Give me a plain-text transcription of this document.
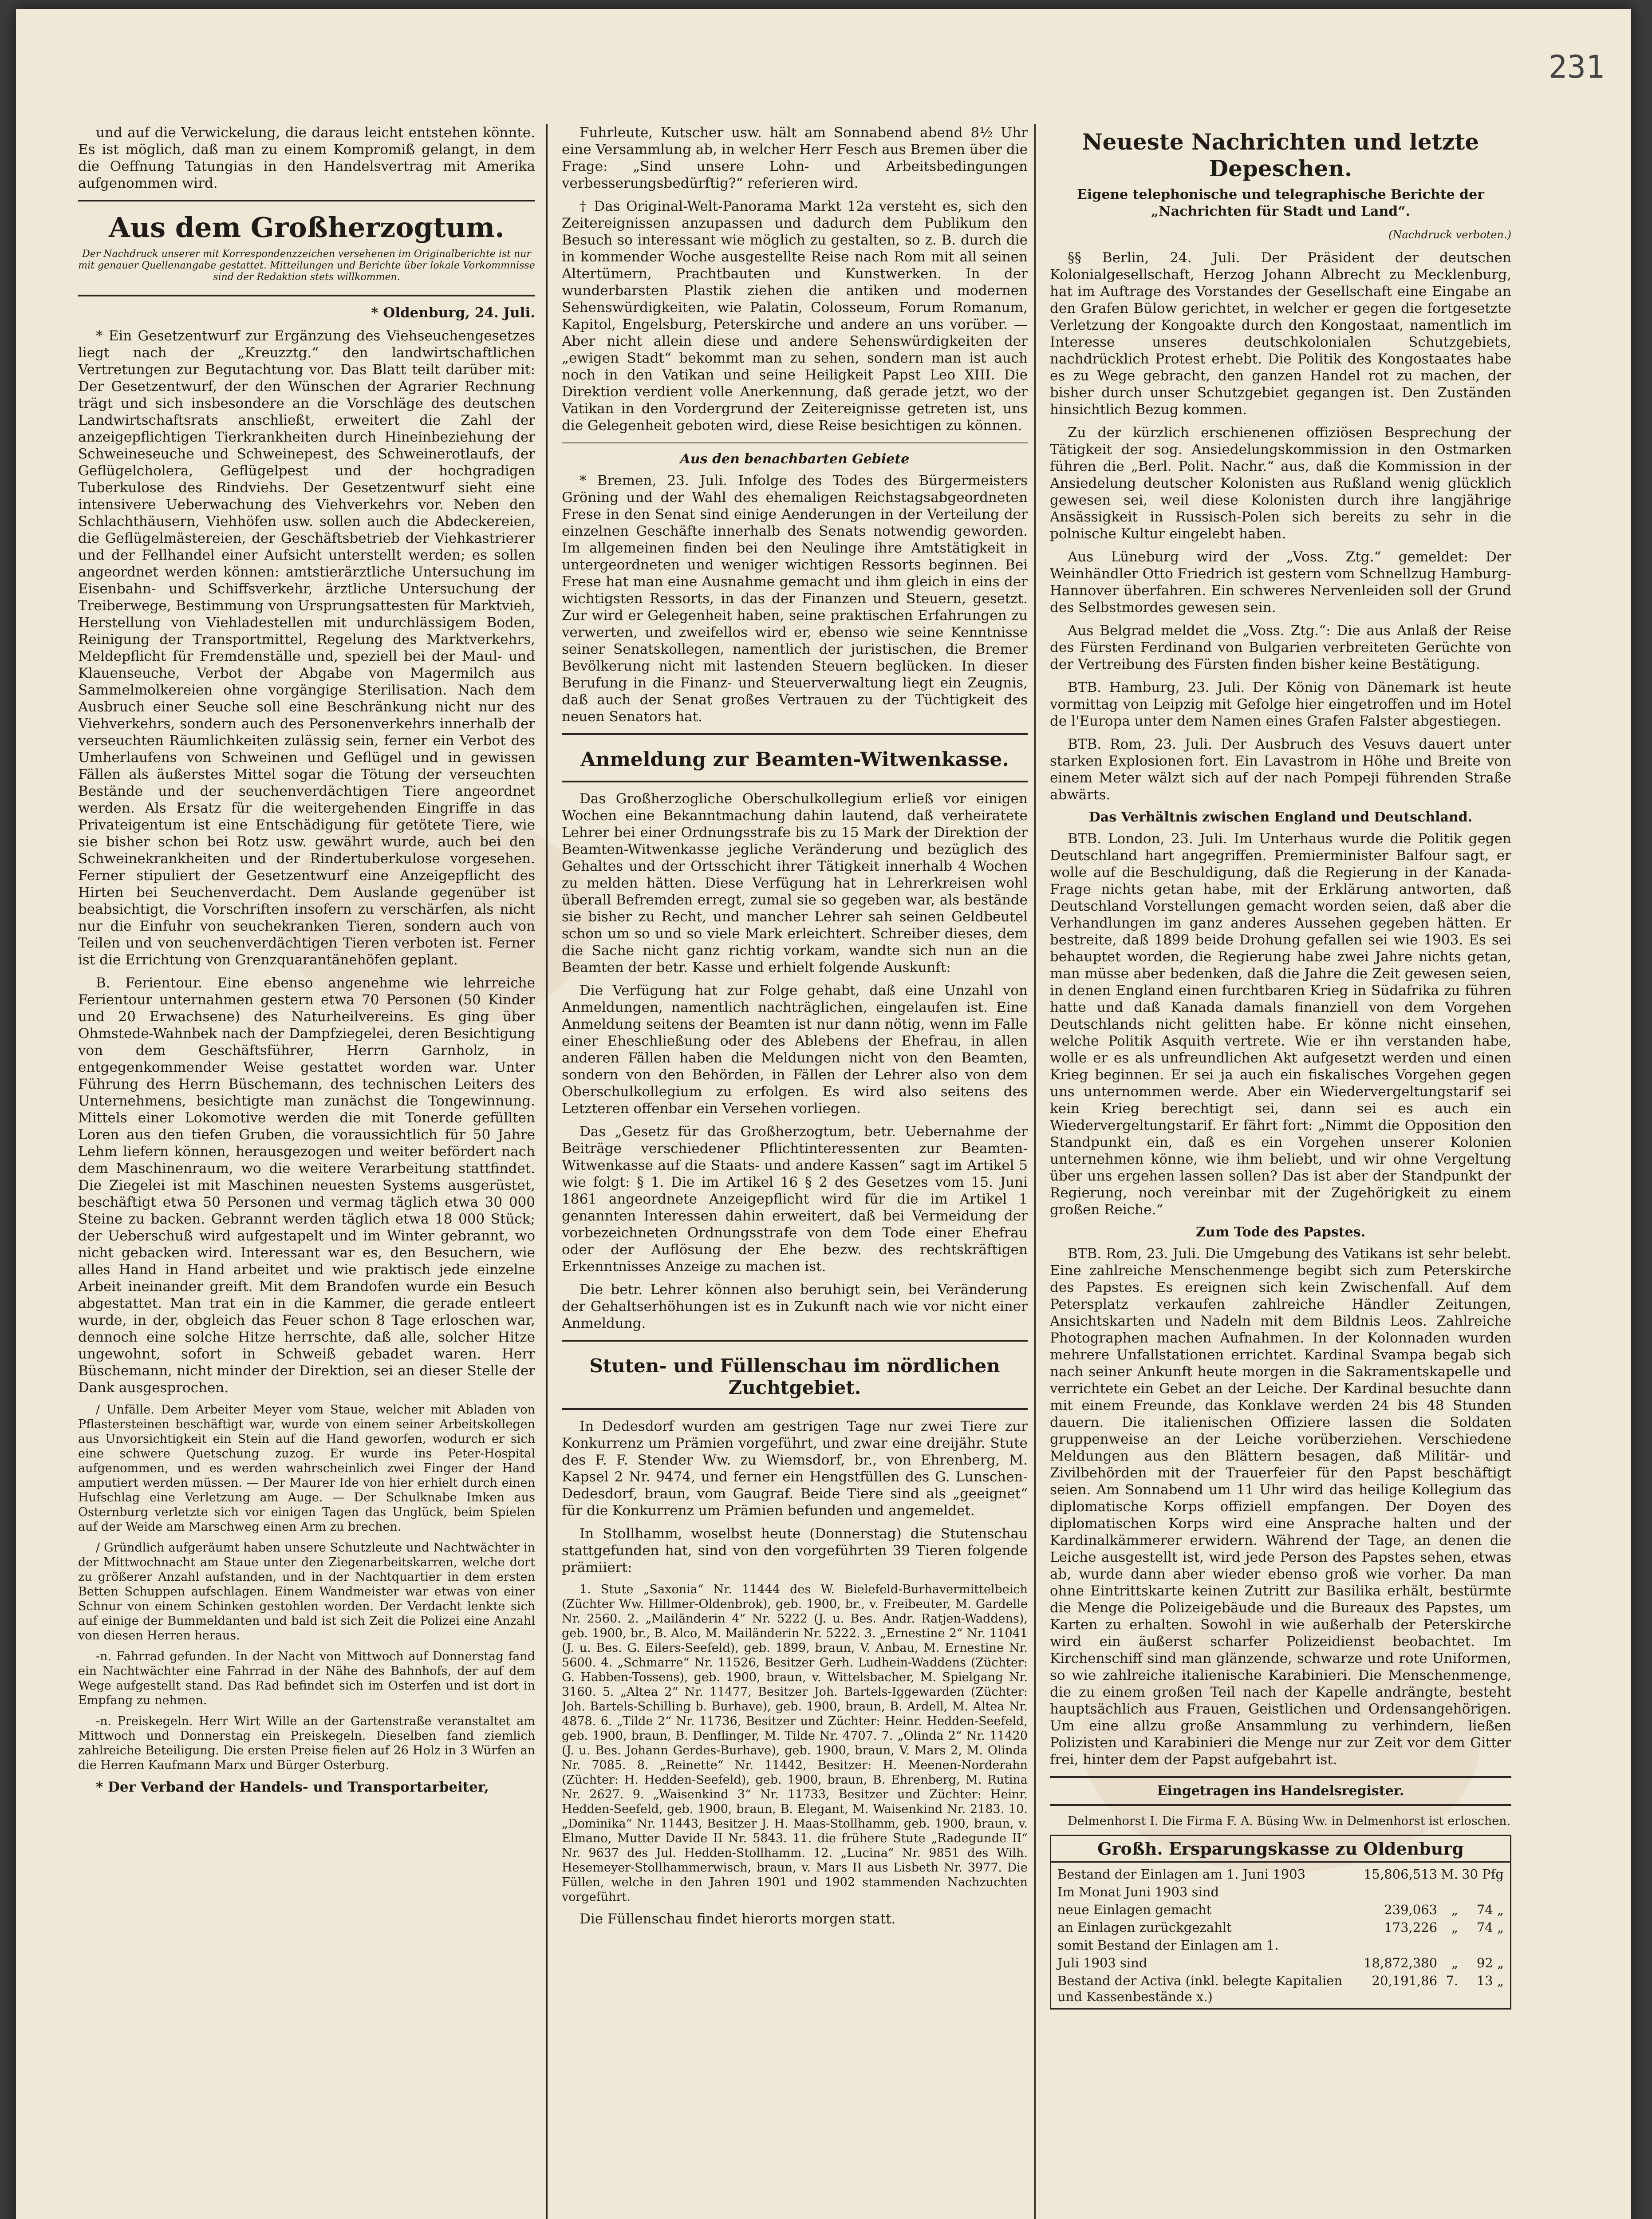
231

und auf die Verwickelung, die daraus leicht entstehen könnte. Es ist möglich, daß man zu einem Kompromiß gelangt, in dem die Oeffnung Tatungias in den Handelsvertrag mit Amerika aufgenommen wird.

Aus dem Großherzogtum.

Der Nachdruck unserer mit Korrespondenzzeichen versehenen im Originalberichte ist nur mit genauer Quellenangabe gestattet. Mitteilungen und Berichte über lokale Vorkommnisse sind der Redaktion stets willkommen.

* Oldenburg, 24. Juli.

* Ein Gesetzentwurf zur Ergänzung des Viehseuchengesetzes liegt nach der „Kreuzztg.“ den landwirtschaftlichen Vertretungen zur Begutachtung vor. Das Blatt teilt darüber mit: Der Gesetzentwurf, der den Wünschen der Agrarier Rechnung trägt und sich insbesondere an die Vorschläge des deutschen Landwirtschaftsrats anschließt, erweitert die Zahl der anzeigepflichtigen Tierkrankheiten durch Hineinbeziehung der Schweineseuche und Schweinepest, des Schweinerotlaufs, der Geflügelcholera, Geflügelpest und der hochgradigen Tuberkulose des Rindviehs. Der Gesetzentwurf sieht eine intensivere Ueberwachung des Viehverkehrs vor. Neben den Schlachthäusern, Viehhöfen usw. sollen auch die Abdeckereien, die Geflügelmästereien, der Geschäftsbetrieb der Viehkastrierer und der Fellhandel einer Aufsicht unterstellt werden; es sollen angeordnet werden können: amtstierärztliche Untersuchung im Eisenbahn- und Schiffsverkehr, ärztliche Untersuchung der Treiberwege, Bestimmung von Ursprungsattesten für Marktvieh, Herstellung von Viehladestellen mit undurchlässigem Boden, Reinigung der Transportmittel, Regelung des Marktverkehrs, Meldepflicht für Fremdenställe und, speziell bei der Maul- und Klauenseuche, Verbot der Abgabe von Magermilch aus Sammelmolkereien ohne vorgängige Sterilisation. Nach dem Ausbruch einer Seuche soll eine Beschränkung nicht nur des Viehverkehrs, sondern auch des Personenverkehrs innerhalb der verseuchten Räumlichkeiten zulässig sein, ferner ein Verbot des Umherlaufens von Schweinen und Geflügel und in gewissen Fällen als äußerstes Mittel sogar die Tötung der verseuchten Bestände und der seuchenverdächtigen Tiere angeordnet werden. Als Ersatz für die weitergehenden Eingriffe in das Privateigentum ist eine Entschädigung für getötete Tiere, wie sie bisher schon bei Rotz usw. gewährt wurde, auch bei den Schweinekrankheiten und der Rindertuberkulose vorgesehen. Ferner stipuliert der Gesetzentwurf eine Anzeigepflicht des Hirten bei Seuchenverdacht. Dem Auslande gegenüber ist beabsichtigt, die Vorschriften insofern zu verschärfen, als nicht nur die Einfuhr von seuchekranken Tieren, sondern auch von Teilen und von seuchenverdächtigen Tieren verboten ist. Ferner ist die Errichtung von Grenzquarantänehöfen geplant.

B. Ferientour. Eine ebenso angenehme wie lehrreiche Ferientour unternahmen gestern etwa 70 Personen (50 Kinder und 20 Erwachsene) des Naturheilvereins. Es ging über Ohmstede-Wahnbek nach der Dampfziegelei, deren Besichtigung von dem Geschäftsführer, Herrn Garnholz, in entgegenkommender Weise gestattet worden war. Unter Führung des Herrn Büschemann, des technischen Leiters des Unternehmens, besichtigte man zunächst die Tongewinnung. Mittels einer Lokomotive werden die mit Tonerde gefüllten Loren aus den tiefen Gruben, die voraussichtlich für 50 Jahre Lehm liefern können, herausgezogen und weiter befördert nach dem Maschinenraum, wo die weitere Verarbeitung stattfindet. Die Ziegelei ist mit Maschinen neuesten Systems ausgerüstet, beschäftigt etwa 50 Personen und vermag täglich etwa 30 000 Steine zu backen. Gebrannt werden täglich etwa 18 000 Stück; der Ueberschuß wird aufgestapelt und im Winter gebrannt, wo nicht gebacken wird. Interessant war es, den Besuchern, wie alles Hand in Hand arbeitet und wie praktisch jede einzelne Arbeit ineinander greift. Mit dem Brandofen wurde ein Besuch abgestattet. Man trat ein in die Kammer, die gerade entleert wurde, in der, obgleich das Feuer schon 8 Tage erloschen war, dennoch eine solche Hitze herrschte, daß alle, solcher Hitze ungewohnt, sofort in Schweiß gebadet waren. Herr Büschemann, nicht minder der Direktion, sei an dieser Stelle der Dank ausgesprochen.

/ Unfälle. Dem Arbeiter Meyer vom Staue, welcher mit Abladen von Pflastersteinen beschäftigt war, wurde von einem seiner Arbeitskollegen aus Unvorsichtigkeit ein Stein auf die Hand geworfen, wodurch er sich eine schwere Quetschung zuzog. Er wurde ins Peter-Hospital aufgenommen, und es werden wahrscheinlich zwei Finger der Hand amputiert werden müssen. — Der Maurer Ide von hier erhielt durch einen Hufschlag eine Verletzung am Auge. — Der Schulknabe Imken aus Osternburg verletzte sich vor einigen Tagen das Unglück, beim Spielen auf der Weide am Marschweg einen Arm zu brechen.

/ Gründlich aufgeräumt haben unsere Schutzleute und Nachtwächter in der Mittwochnacht am Staue unter den Ziegenarbeitskarren, welche dort zu größerer Anzahl aufstanden, und in der Nachtquartier in dem ersten Betten Schuppen aufschlagen. Einem Wandmeister war etwas von einer Schnur von einem Schinken gestohlen worden. Der Verdacht lenkte sich auf einige der Bummeldanten und bald ist sich Zeit die Polizei eine Anzahl von diesen Herren heraus.

-n. Fahrrad gefunden. In der Nacht von Mittwoch auf Donnerstag fand ein Nachtwächter eine Fahrrad in der Nähe des Bahnhofs, der auf dem Wege aufgestellt stand. Das Rad befindet sich im Osterfen und ist dort in Empfang zu nehmen.

-n. Preiskegeln. Herr Wirt Wille an der Gartenstraße veranstaltet am Mittwoch und Donnerstag ein Preiskegeln. Dieselben fand ziemlich zahlreiche Beteiligung. Die ersten Preise fielen auf 26 Holz in 3 Würfen an die Herren Kaufmann Marx und Bürger Osterburg.

* Der Verband der Handels- und Transportarbeiter,

Fuhrleute, Kutscher usw. hält am Sonnabend abend 8½ Uhr eine Versammlung ab, in welcher Herr Fesch aus Bremen über die Frage: „Sind unsere Lohn- und Arbeitsbedingungen verbesserungsbedürftig?“ referieren wird.

† Das Original-Welt-Panorama Markt 12a versteht es, sich den Zeitereignissen anzupassen und dadurch dem Publikum den Besuch so interessant wie möglich zu gestalten, so z. B. durch die in kommender Woche ausgestellte Reise nach Rom mit all seinen Altertümern, Prachtbauten und Kunstwerken. In der wunderbarsten Plastik ziehen die antiken und modernen Sehenswürdigkeiten, wie Palatin, Colosseum, Forum Romanum, Kapitol, Engelsburg, Peterskirche und andere an uns vorüber. — Aber nicht allein diese und andere Sehenswürdigkeiten der „ewigen Stadt“ bekommt man zu sehen, sondern man ist auch noch in den Vatikan und seine Heiligkeit Papst Leo XIII. Die Direktion verdient volle Anerkennung, daß gerade jetzt, wo der Vatikan in den Vordergrund der Zeitereignisse getreten ist, uns die Gelegenheit geboten wird, diese Reise besichtigen zu können.

Aus den benachbarten Gebiete

* Bremen, 23. Juli. Infolge des Todes des Bürgermeisters Gröning und der Wahl des ehemaligen Reichstagsabgeordneten Frese in den Senat sind einige Aenderungen in der Verteilung der einzelnen Geschäfte innerhalb des Senats notwendig geworden. Im allgemeinen finden bei den Neulinge ihre Amtstätigkeit in untergeordneten und weniger wichtigen Ressorts beginnen. Bei Frese hat man eine Ausnahme gemacht und ihm gleich in eins der wichtigsten Ressorts, in das der Finanzen und Steuern, gesetzt. Zur wird er Gelegenheit haben, seine praktischen Erfahrungen zu verwerten, und zweifellos wird er, ebenso wie seine Kenntnisse seiner Senatskollegen, namentlich der juristischen, die Bremer Bevölkerung nicht mit lastenden Steuern beglücken. In dieser Berufung in die Finanz- und Steuerverwaltung liegt ein Zeugnis, daß auch der Senat großes Vertrauen zu der Tüchtigkeit des neuen Senators hat.

Anmeldung zur Beamten-Witwenkasse.

Das Großherzogliche Oberschulkollegium erließ vor einigen Wochen eine Bekanntmachung dahin lautend, daß verheiratete Lehrer bei einer Ordnungsstrafe bis zu 15 Mark der Direktion der Beamten-Witwenkasse jegliche Veränderung und bezüglich des Gehaltes und der Ortsschicht ihrer Tätigkeit innerhalb 4 Wochen zu melden hätten. Diese Verfügung hat in Lehrerkreisen wohl überall Befremden erregt, zumal sie so gegeben war, als bestände sie bisher zu Recht, und mancher Lehrer sah seinen Geldbeutel schon um so und so viele Mark erleichtert. Schreiber dieses, dem die Sache nicht ganz richtig vorkam, wandte sich nun an die Beamten der betr. Kasse und erhielt folgende Auskunft:

Die Verfügung hat zur Folge gehabt, daß eine Unzahl von Anmeldungen, namentlich nachträglichen, eingelaufen ist. Eine Anmeldung seitens der Beamten ist nur dann nötig, wenn im Falle einer Eheschließung oder des Ablebens der Ehefrau, in allen anderen Fällen haben die Meldungen nicht von den Beamten, sondern von den Behörden, in Fällen der Lehrer also von dem Oberschulkollegium zu erfolgen. Es wird also seitens des Letzteren offenbar ein Versehen vorliegen.

Das „Gesetz für das Großherzogtum, betr. Uebernahme der Beiträge verschiedener Pflichtinteressenten zur Beamten-Witwenkasse auf die Staats- und andere Kassen“ sagt im Artikel 5 wie folgt: § 1. Die im Artikel 16 § 2 des Gesetzes vom 15. Juni 1861 angeordnete Anzeigepflicht wird für die im Artikel 1 genannten Interessen dahin erweitert, daß bei Vermeidung der vorbezeichneten Ordnungsstrafe von dem Tode einer Ehefrau oder der Auflösung der Ehe bezw. des rechtskräftigen Erkenntnisses Anzeige zu machen ist.

Die betr. Lehrer können also beruhigt sein, bei Veränderung der Gehaltserhöhungen ist es in Zukunft nach wie vor nicht einer Anmeldung.

Stuten- und Füllenschau im nördlichen Zuchtgebiet.

In Dedesdorf wurden am gestrigen Tage nur zwei Tiere zur Konkurrenz um Prämien vorgeführt, und zwar eine dreijähr. Stute des F. F. Stender Ww. zu Wiemsdorf, br., von Ehrenberg, M. Kapsel 2 Nr. 9474, und ferner ein Hengstfüllen des G. Lunschen-Dedesdorf, braun, vom Gaugraf. Beide Tiere sind als „geeignet“ für die Konkurrenz um Prämien befunden und angemeldet.

In Stollhamm, woselbst heute (Donnerstag) die Stutenschau stattgefunden hat, sind von den vorgeführten 39 Tieren folgende prämiiert:

1. Stute „Saxonia“ Nr. 11444 des W. Bielefeld-Burhavermittelbeich (Züchter Ww. Hillmer-Oldenbrok), geb. 1900, br., v. Freibeuter, M. Gardelle Nr. 2560. 2. „Mailänderin 4“ Nr. 5222 (J. u. Bes. Andr. Ratjen-Waddens), geb. 1900, br., B. Alco, M. Mailänderin Nr. 5222. 3. „Ernestine 2“ Nr. 11041 (J. u. Bes. G. Eilers-Seefeld), geb. 1899, braun, V. Anbau, M. Ernestine Nr. 5600. 4. „Schmarre“ Nr. 11526, Besitzer Gerh. Ludhein-Waddens (Züchter: G. Habben-Tossens), geb. 1900, braun, v. Wittelsbacher, M. Spielgang Nr. 3160. 5. „Altea 2“ Nr. 11477, Besitzer Joh. Bartels-Iggewarden (Züchter: Joh. Bartels-Schilling b. Burhave), geb. 1900, braun, B. Ardell, M. Altea Nr. 4878. 6. „Tilde 2“ Nr. 11736, Besitzer und Züchter: Heinr. Hedden-Seefeld, geb. 1900, braun, B. Denflinger, M. Tilde Nr. 4707. 7. „Olinda 2“ Nr. 11420 (J. u. Bes. Johann Gerdes-Burhave), geb. 1900, braun, V. Mars 2, M. Olinda Nr. 7085. 8. „Reinette“ Nr. 11442, Besitzer: H. Meenen-Norderahn (Züchter: H. Hedden-Seefeld), geb. 1900, braun, B. Ehrenberg, M. Rutina Nr. 2627. 9. „Waisenkind 3“ Nr. 11733, Besitzer und Züchter: Heinr. Hedden-Seefeld, geb. 1900, braun, B. Elegant, M. Waisenkind Nr. 2183. 10. „Dominika“ Nr. 11443, Besitzer J. H. Maas-Stollhamm, geb. 1900, braun, v. Elmano, Mutter Davide II Nr. 5843. 11. die frühere Stute „Radegunde II“ Nr. 9637 des Jul. Hedden-Stollhamm. 12. „Lucina“ Nr. 9851 des Wilh. Hesemeyer-Stollhammerwisch, braun, v. Mars II aus Lisbeth Nr. 3977. Die Füllen, welche in den Jahren 1901 und 1902 stammenden Nachzuchten vorgeführt.

Die Füllenschau findet hierorts morgen statt.

Neueste Nachrichten und letzte Depeschen.

Eigene telephonische und telegraphische Berichte der „Nachrichten für Stadt und Land“.

(Nachdruck verboten.)

§§ Berlin, 24. Juli. Der Präsident der deutschen Kolonialgesellschaft, Herzog Johann Albrecht zu Mecklenburg, hat im Auftrage des Vorstandes der Gesellschaft eine Eingabe an den Grafen Bülow gerichtet, in welcher er gegen die fortgesetzte Verletzung der Kongoakte durch den Kongostaat, namentlich im Interesse unseres deutschkolonialen Schutzgebiets, nachdrücklich Protest erhebt. Die Politik des Kongostaates habe es zu Wege gebracht, den ganzen Handel rot zu machen, der bisher durch unser Schutzgebiet gegangen ist. Den Zuständen hinsichtlich Bezug kommen.

Zu der kürzlich erschienenen offiziösen Besprechung der Tätigkeit der sog. Ansiedelungskommission in den Ostmarken führen die „Berl. Polit. Nachr.“ aus, daß die Kommission in der Ansiedelung deutscher Kolonisten aus Rußland wenig glücklich gewesen sei, weil diese Kolonisten durch ihre langjährige Ansässigkeit in Russisch-Polen sich bereits zu sehr in die polnische Kultur eingelebt haben.

Aus Lüneburg wird der „Voss. Ztg.“ gemeldet: Der Weinhändler Otto Friedrich ist gestern vom Schnellzug Hamburg-Hannover überfahren. Ein schweres Nervenleiden soll der Grund des Selbstmordes gewesen sein.

Aus Belgrad meldet die „Voss. Ztg.“: Die aus Anlaß der Reise des Fürsten Ferdinand von Bulgarien verbreiteten Gerüchte von der Vertreibung des Fürsten finden bisher keine Bestätigung.

BTB. Hamburg, 23. Juli. Der König von Dänemark ist heute vormittag von Leipzig mit Gefolge hier eingetroffen und im Hotel de l'Europa unter dem Namen eines Grafen Falster abgestiegen.

BTB. Rom, 23. Juli. Der Ausbruch des Vesuvs dauert unter starken Explosionen fort. Ein Lavastrom in Höhe und Breite von einem Meter wälzt sich auf der nach Pompeji führenden Straße abwärts.

Das Verhältnis zwischen England und Deutschland.

BTB. London, 23. Juli. Im Unterhaus wurde die Politik gegen Deutschland hart angegriffen. Premierminister Balfour sagt, er wolle auf die Beschuldigung, daß die Regierung in der Kanada-Frage nichts getan habe, mit der Erklärung antworten, daß Deutschland Vorstellungen gemacht worden seien, daß aber die Verhandlungen im ganz anderes Aussehen gegeben hätten. Er bestreite, daß 1899 beide Drohung gefallen sei wie 1903. Es sei behauptet worden, die Regierung habe zwei Jahre nichts getan, man müsse aber bedenken, daß die Jahre die Zeit gewesen seien, in denen England einen furchtbaren Krieg in Südafrika zu führen hatte und daß Kanada damals finanziell von dem Vorgehen Deutschlands nicht gelitten habe. Er könne nicht einsehen, welche Politik Asquith vertrete. Wie er ihn verstanden habe, wolle er es als unfreundlichen Akt aufgesetzt werden und einen Krieg beginnen. Er sei ja auch ein fiskalisches Vorgehen gegen uns unternommen werde. Aber ein Wiedervergeltungstarif sei kein Krieg berechtigt sei, dann sei es auch ein Wiedervergeltungstarif. Er fährt fort: „Nimmt die Opposition den Standpunkt ein, daß es ein Vorgehen unserer Kolonien unternehmen könne, wie ihm beliebt, und wir ohne Vergeltung über uns ergehen lassen sollen? Das ist aber der Standpunkt der Regierung, noch vereinbar mit der Zugehörigkeit zu einem großen Reiche.“

Zum Tode des Papstes.

BTB. Rom, 23. Juli. Die Umgebung des Vatikans ist sehr belebt. Eine zahlreiche Menschenmenge begibt sich zum Peterskirche des Papstes. Es ereignen sich kein Zwischenfall. Auf dem Petersplatz verkaufen zahlreiche Händler Zeitungen, Ansichtskarten und Nadeln mit dem Bildnis Leos. Zahlreiche Photographen machen Aufnahmen. In der Kolonnaden wurden mehrere Unfallstationen errichtet. Kardinal Svampa begab sich nach seiner Ankunft heute morgen in die Sakramentskapelle und verrichtete ein Gebet an der Leiche. Der Kardinal besuchte dann mit einem Freunde, das Konklave werden 24 bis 48 Stunden dauern. Die italienischen Offiziere lassen die Soldaten gruppenweise an der Leiche vorüberziehen. Verschiedene Meldungen aus den Blättern besagen, daß Militär- und Zivilbehörden mit der Trauerfeier für den Papst beschäftigt seien. Am Sonnabend um 11 Uhr wird das heilige Kollegium das diplomatische Korps offiziell empfangen. Der Doyen des diplomatischen Korps wird eine Ansprache halten und der Kardinalkämmerer erwidern. Während der Tage, an denen die Leiche ausgestellt ist, wird jede Person des Papstes sehen, etwas ab, wurde dann aber wieder ebenso groß wie vorher. Da man ohne Eintrittskarte keinen Zutritt zur Basilika erhält, bestürmte die Menge die Polizeigebäude und die Bureaux des Papstes, um Karten zu erhalten. Sowohl in wie außerhalb der Peterskirche wird ein äußerst scharfer Polizeidienst beobachtet. Im Kirchenschiff sind man glänzende, schwarze und rote Uniformen, so wie zahlreiche italienische Karabinieri. Die Menschenmenge, die zu einem großen Teil nach der Kapelle andrängte, besteht hauptsächlich aus Frauen, Geistlichen und Ordensangehörigen. Um eine allzu große Ansammlung zu verhindern, ließen Polizisten und Karabinieri die Menge nur zur Zeit vor dem Gitter frei, hinter dem der Papst aufgebahrt ist.

Eingetragen ins Handelsregister.

Delmenhorst I. Die Firma F. A. Büsing Ww. in Delmenhorst ist erloschen.

Großh. Ersparungskasse zu Oldenburg
Bestand der Einlagen am 1. Juni 1903	15,806,513	M.	30 Pfg
Im Monat Juni 1903 sind			
neue Einlagen gemacht	239,063	„	74 „
an Einlagen zurückgezahlt	173,226	„	74 „
somit Bestand der Einlagen am 1.			
Juli 1903 sind	18,872,380	„	92 „
Bestand der Activa (inkl. belegte Kapitalien und Kassenbestände x.)	20,191,86	7.	13 „
